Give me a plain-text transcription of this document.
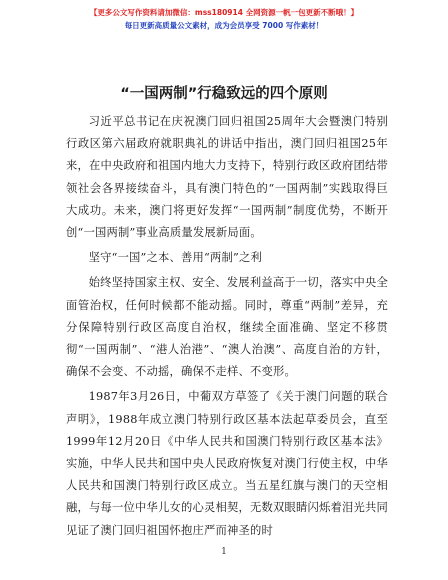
【更多公文写作资料请加微信：mss180914 全网资源一帆一包更新不断哦！】
每日更新高质量公文素材，成为会员享受 7000 写作素材！
“一国两制”行稳致远的四个原则

习近平总书记在庆祝澳门回归祖国25周年大会暨澳门特别行政区第六届政府就职典礼的讲话中指出，澳门回归祖国25年来，在中央政府和祖国内地大力支持下，特别行政区政府团结带领社会各界接续奋斗，具有澳门特色的“一国两制”实践取得巨大成功。未来，澳门将更好发挥“一国两制”制度优势，不断开创“一国两制”事业高质量发展新局面。

坚守“一国”之本、善用“两制”之利

始终坚持国家主权、安全、发展利益高于一切，落实中央全面管治权，任何时候都不能动摇。同时，尊重“两制”差异，充分保障特别行政区高度自治权，继续全面准确、坚定不移贯彻“一国两制”、“港人治港”、“澳人治澳”、高度自治的方针，确保不会变、不动摇，确保不走样、不变形。

1987年3月26日，中葡双方草签了《关于澳门问题的联合声明》，1988年成立澳门特别行政区基本法起草委员会，直至1999年12月20日《中华人民共和国澳门特别行政区基本法》实施，中华人民共和国中央人民政府恢复对澳门行使主权，中华人民共和国澳门特别行政区成立。当五星红旗与澳门的天空相融，与每一位中华儿女的心灵相契，无数双眼睛闪烁着泪光共同见证了澳门回归祖国怀抱庄严而神圣的时

1
